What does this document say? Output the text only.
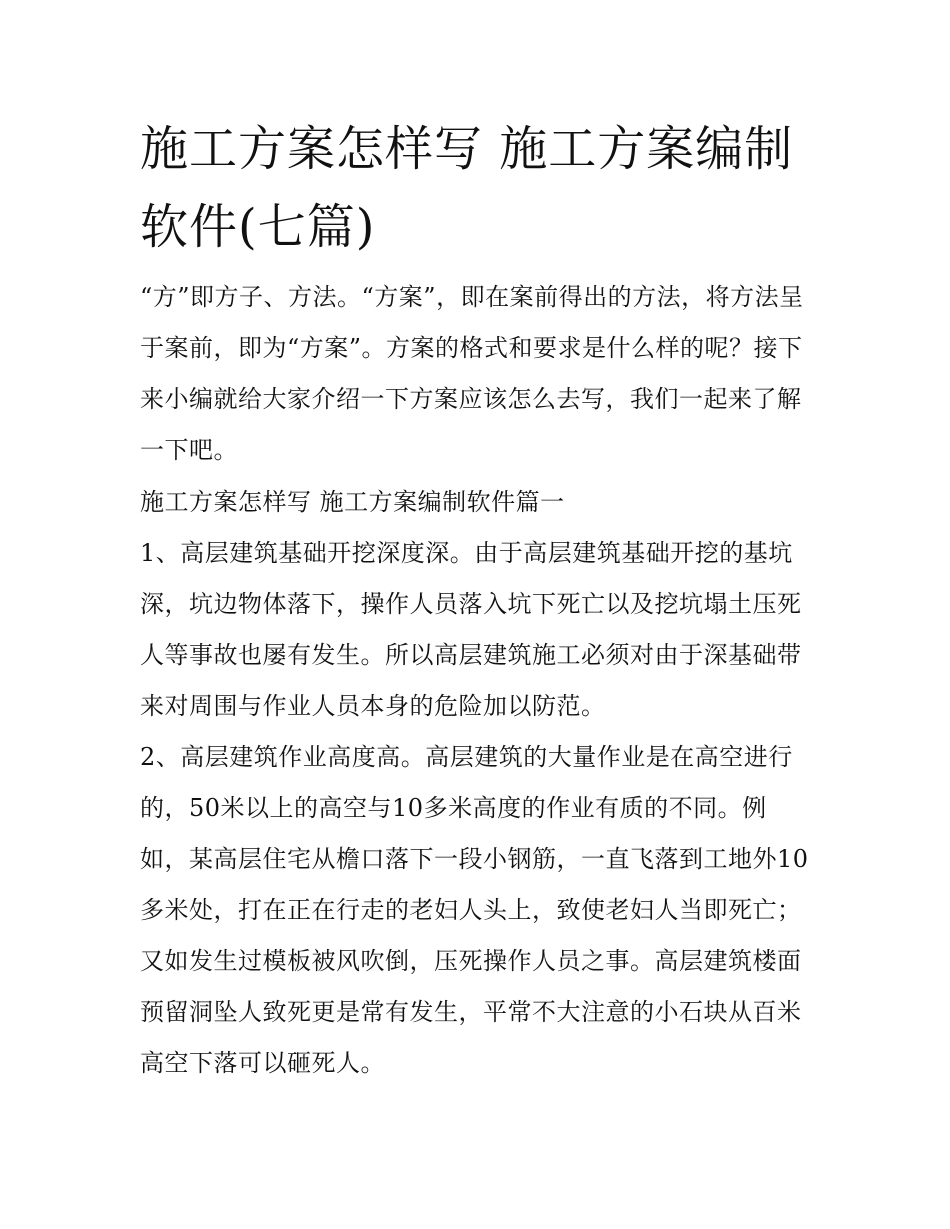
施工方案怎样写 施工方案编制软件(七篇)

“方”即方子、方法。“方案”，即在案前得出的方法，将方法呈于案前，即为“方案”。方案的格式和要求是什么样的呢？接下来小编就给大家介绍一下方案应该怎么去写，我们一起来了解一下吧。

施工方案怎样写 施工方案编制软件篇一

1、高层建筑基础开挖深度深。由于高层建筑基础开挖的基坑深，坑边物体落下，操作人员落入坑下死亡以及挖坑塌土压死人等事故也屡有发生。所以高层建筑施工必须对由于深基础带来对周围与作业人员本身的危险加以防范。

2、高层建筑作业高度高。高层建筑的大量作业是在高空进行的，50米以上的高空与10多米高度的作业有质的不同。例如，某高层住宅从檐口落下一段小钢筋，一直飞落到工地外10多米处，打在正在行走的老妇人头上，致使老妇人当即死亡；又如发生过模板被风吹倒，压死操作人员之事。高层建筑楼面预留洞坠人致死更是常有发生，平常不大注意的小石块从百米高空下落可以砸死人。
